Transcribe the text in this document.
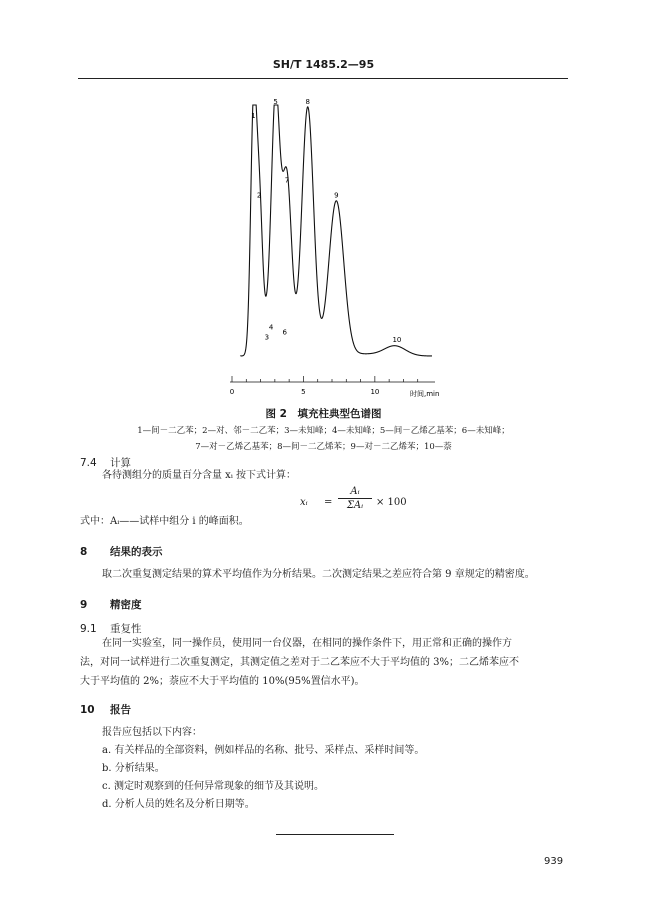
SH/T 1485.2—95
1
2
3
4
5
6
7
8
9
10
0	5	10	时间,min
图 2　填充柱典型色谱图
1—间－二乙苯；2—对、邻－二乙苯；3—未知峰；4—未知峰；5—间－乙烯乙基苯；6—未知峰；
7—对－乙烯乙基苯；8—间－二乙烯苯；9—对－二乙烯苯；10—萘
7.4 计算
各待测组分的质量百分含量 xᵢ 按下式计算：
xᵢ =
Aᵢ
ΣAᵢ	× 100
式中：Aᵢ——试样中组分 i 的峰面积。
8 结果的表示
取二次重复测定结果的算术平均值作为分析结果。二次测定结果之差应符合第 9 章规定的精密度。
9 精密度
9.1 重复性
在同一实验室，同一操作员，使用同一台仪器，在相同的操作条件下，用正常和正确的操作方
法，对同一试样进行二次重复测定，其测定值之差对于二乙苯应不大于平均值的 3%；二乙烯苯应不
大于平均值的 2%；萘应不大于平均值的 10%(95%置信水平)。
10 报告
报告应包括以下内容：
a. 有关样品的全部资料，例如样品的名称、批号、采样点、采样时间等。
b. 分析结果。
c. 测定时观察到的任何异常现象的细节及其说明。
d. 分析人员的姓名及分析日期等。
939
